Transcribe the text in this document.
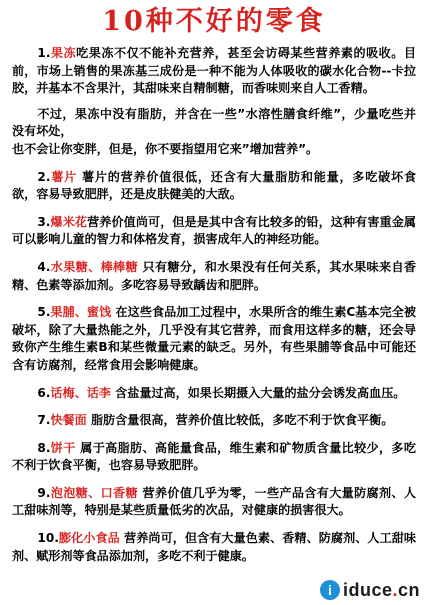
10种不好的零食

1.果冻吃果冻不仅不能补充营养，甚至会访碍某些营养素的吸收。目前，市场上销售的果冻基三成份是一种不能为人体吸收的碳水化合物--卡拉胶，并基本不含果汁，其甜味来自精制糖，而香味则来自人工香精。

不过，果冻中没有脂肪，并含在一些”水溶性膳食纤维”，少量吃些并没有坏处，

也不会让你变胖，但是，你不要指望用它来”增加营养”。

2.薯片 薯片的营养价值很低，还含有大量脂肪和能量，多吃破坏食欲，容易导致肥胖，还是皮肤健美的大敌。

3.爆米花营养价值尚可，但是是其中含有比较多的铅，这种有害重金属可以影响儿童的智力和体格发育，损害成年人的神经功能。

4.水果糖、棒棒糖 只有糖分，和水果没有任何关系，其水果味来自香精、色素等添加剂。多吃容易导致龋齿和肥胖。

5.果脯、蜜饯 在这些食品加工过程中，水果所含的维生素C基本完全被破坏，除了大量热能之外，几乎没有其它营养，而食用这样多的糖，还会导致你产生维生素B和某些微量元素的缺乏。另外，有些果脯等食品中可能还含有访腐剂，经常食用会影响健康。

6.话梅、话李 含盐量过高，如果长期摄入大量的盐分会诱发高血压。

7.快餐面 脂肪含量很高，营养价值比较低，多吃不利于饮食平衡。

8.饼干 属于高脂肪、高能量食品，维生素和矿物质含量比较少，多吃不利于饮食平衡，也容易导致肥胖。

9.泡泡糖、口香糖 营养价值几乎为零，一些产品含有大量防腐剂、人工甜味剂等，特别是某些质量低劣的次品，对健康的损害很大。

10.膨化小食品 营养尚可，但含有大量色素、香精、防腐剂、人工甜味剂、赋形剂等食品添加剂，多吃不利于健康。

i iduce.cn
